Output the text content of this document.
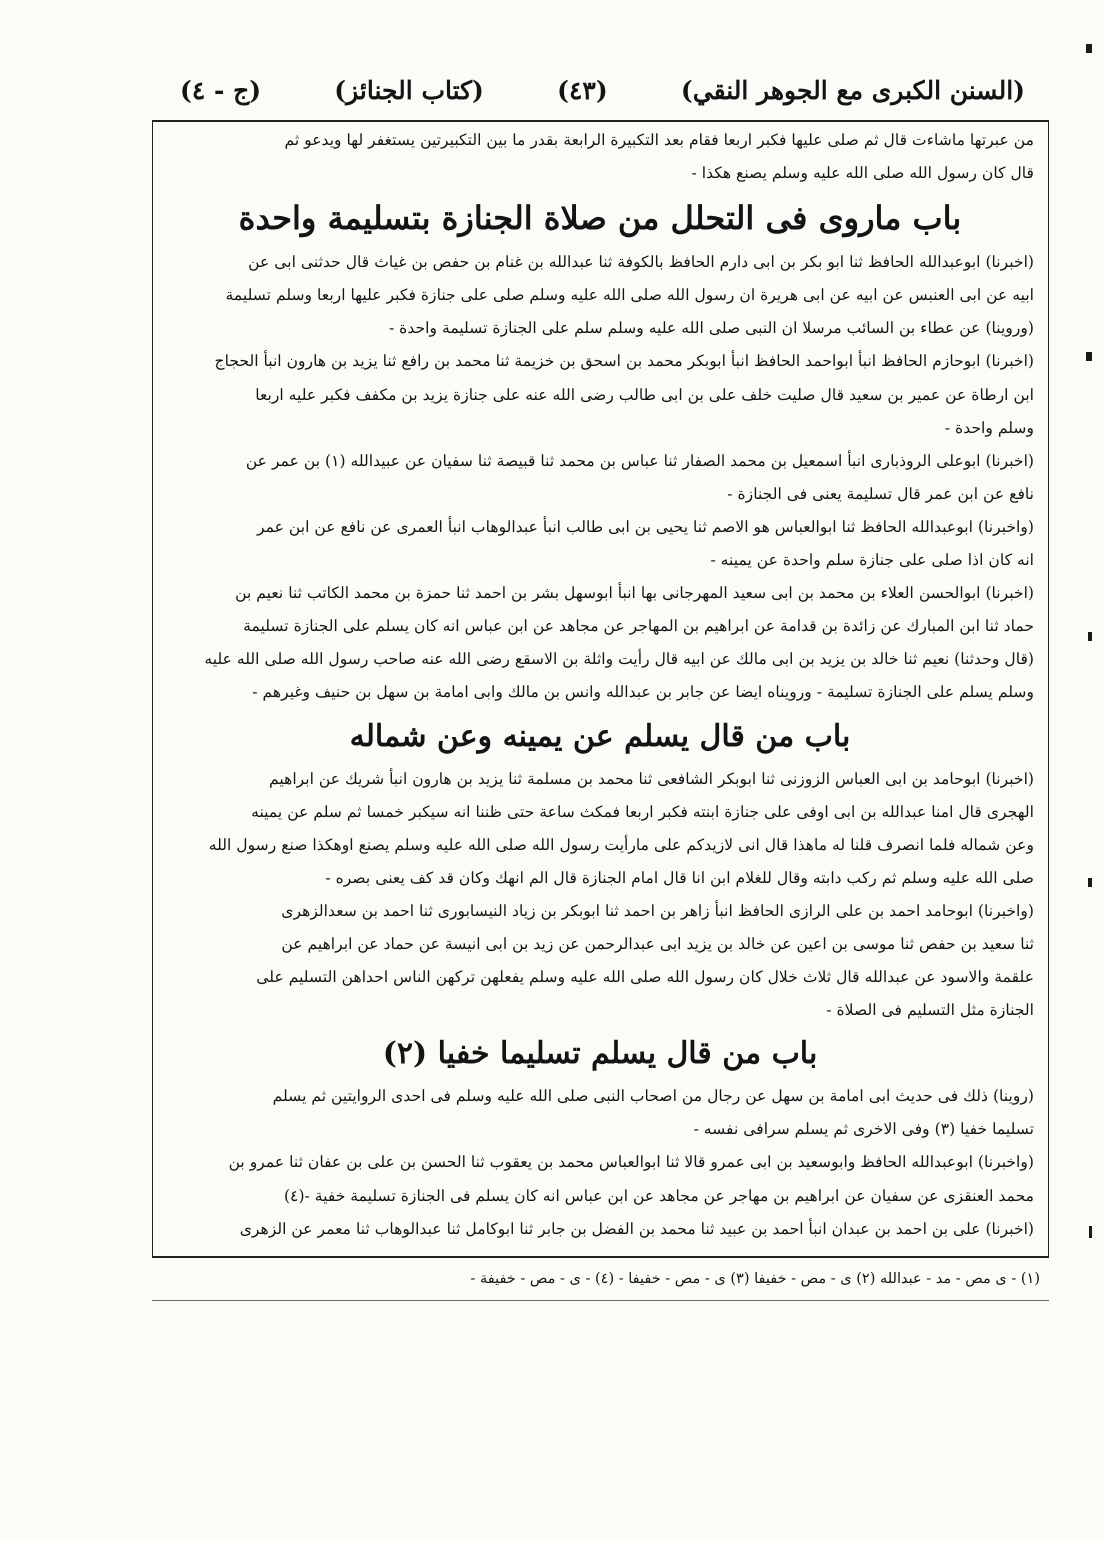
(السنن الكبرى مع الجوهر النقي)
(٤٣)
(كتاب الجنائز)
(ج - ٤)

من عبرتها ماشاءت قال ثم صلى عليها فكبر اربعا فقام بعد التكبيرة الرابعة بقدر ما بين التكبيرتين يستغفر لها ويدعو ثم

قال كان رسول الله صلى الله عليه وسلم يصنع هكذا -

باب ماروى فى التحلل من صلاة الجنازة بتسليمة واحدة

(اخبرنا) ابوعبدالله الحافظ ثنا ابو بكر بن ابى دارم الحافظ بالكوفة ثنا عبدالله بن غنام بن حفص بن غياث قال حدثنى ابى عن

ابيه عن ابى العنبس عن ابيه عن ابى هريرة ان رسول الله صلى الله عليه وسلم صلى على جنازة فكبر عليها اربعا وسلم تسليمة

(وروينا) عن عطاء بن السائب مرسلا ان النبى صلى الله عليه وسلم سلم على الجنازة تسليمة واحدة -

(اخبرنا) ابوحازم الحافظ انبأ ابواحمد الحافظ انبأ ابوبكر محمد بن اسحق بن خزيمة ثنا محمد بن رافع ثنا يزيد بن هارون انبأ الحجاج

ابن ارطاة عن عمير بن سعيد قال صليت خلف على بن ابى طالب رضى الله عنه على جنازة يزيد بن مكفف فكبر عليه اربعا

وسلم واحدة -

(اخبرنا) ابوعلى الروذبارى انبأ اسمعيل بن محمد الصفار ثنا عباس بن محمد ثنا قبيصة ثنا سفيان عن عبيدالله (١) بن عمر عن

نافع عن ابن عمر قال تسليمة يعنى فى الجنازة -

(واخبرنا) ابوعبدالله الحافظ ثنا ابوالعباس هو الاصم ثنا يحيى بن ابى طالب انبأ عبدالوهاب انبأ العمرى عن نافع عن ابن عمر

انه كان اذا صلى على جنازة سلم واحدة عن يمينه -

(اخبرنا) ابوالحسن العلاء بن محمد بن ابى سعيد المهرجانى بها انبأ ابوسهل بشر بن احمد ثنا حمزة بن محمد الكاتب ثنا نعيم بن

حماد ثنا ابن المبارك عن زائدة بن قدامة عن ابراهيم بن المهاجر عن مجاهد عن ابن عباس انه كان يسلم على الجنازة تسليمة

(قال وحدثنا) نعيم ثنا خالد بن يزيد بن ابى مالك عن ابيه قال رأيت واثلة بن الاسقع رضى الله عنه صاحب رسول الله صلى الله عليه

وسلم يسلم على الجنازة تسليمة - ورويناه ايضا عن جابر بن عبدالله وانس بن مالك وابى امامة بن سهل بن حنيف وغيرهم -

باب من قال يسلم عن يمينه وعن شماله

(اخبرنا) ابوحامد بن ابى العباس الزوزنى ثنا ابوبكر الشافعى ثنا محمد بن مسلمة ثنا يزيد بن هارون انبأ شريك عن ابراهيم

الهجرى قال امنا عبدالله بن ابى اوفى على جنازة ابنته فكبر اربعا فمكث ساعة حتى ظننا انه سيكبر خمسا ثم سلم عن يمينه

وعن شماله فلما انصرف قلنا له ماهذا قال انى لازيدكم على مارأيت رسول الله صلى الله عليه وسلم يصنع اوهكذا صنع رسول الله

صلى الله عليه وسلم ثم ركب دابته وقال للغلام ابن انا قال امام الجنازة قال الم انهك وكان قد كف يعنى بصره -

(واخبرنا) ابوحامد احمد بن على الرازى الحافظ انبأ زاهر بن احمد ثنا ابوبكر بن زياد النيسابورى ثنا احمد بن سعدالزهرى

ثنا سعيد بن حفص ثنا موسى بن اعين عن خالد بن يزيد ابى عبدالرحمن عن زيد بن ابى انيسة عن حماد عن ابراهيم عن

علقمة والاسود عن عبدالله قال ثلاث خلال كان رسول الله صلى الله عليه وسلم يفعلهن تركهن الناس احداهن التسليم على

الجنازة مثل التسليم فى الصلاة -

باب من قال يسلم تسليما خفيا (٢)

(روينا) ذلك فى حديث ابى امامة بن سهل عن رجال من اصحاب النبى صلى الله عليه وسلم فى احدى الروايتين ثم يسلم

تسليما خفيا (٣) وفى الاخرى ثم يسلم سرافى نفسه -

(واخبرنا) ابوعبدالله الحافظ وابوسعيد بن ابى عمرو قالا ثنا ابوالعباس محمد بن يعقوب ثنا الحسن بن على بن عفان ثنا عمرو بن

محمد العنقزى عن سفيان عن ابراهيم بن مهاجر عن مجاهد عن ابن عباس انه كان يسلم فى الجنازة تسليمة خفية -(٤)

(اخبرنا) على بن احمد بن عبدان انبأ احمد بن عبيد ثنا محمد بن الفضل بن جابر ثنا ابوكامل ثنا عبدالوهاب ثنا معمر عن الزهرى

(١) - ى مص - مد - عبدالله (٢) ى - مص - خفيفا (٣) ى - مص - خفيفا - (٤) - ى - مص - خفيفة -
